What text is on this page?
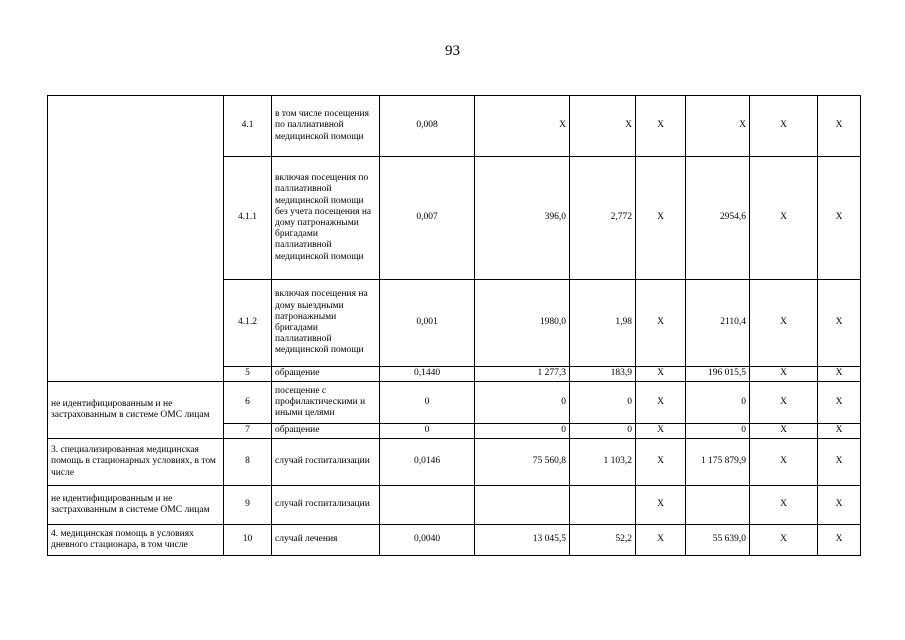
93
	4.1	в том числе посещения по паллиативной медицинской помощи	0,008	X	X	X	X	X	X
	4.1.1	включая посещения по паллиативной медицинской помощи без учета посещения на дому патронажными бригадами паллиативной медицинской помощи	0,007	396,0	2,772	X	2954,6	X	X
	4.1.2	включая посещения на дому выездными патронажными бригадами паллиативной медицинской помощи	0,001	1980,0	1,98	X	2110,4	X	X
	5	обращение	0,1440	1 277,3	183,9	X	196 015,5	X	X
не идентифицированным и не застрахованным в системе ОМС лицам	6	посещение с профилактическими и иными целями	0	0	0	X	0	X	X
	7	обращение	0	0	0	X	0	X	X
3. специализированная медицинская помощь в стационарных условиях, в том числе	8	случай госпитализации	0,0146	75 560,8	1 103,2	X	1 175 879,9	X	X
не идентифицированным и не застрахованным в системе ОМС лицам	9	случай госпитализации				X		X	X
4. медицинская помощь в условиях дневного стационара, в том числе	10	случай лечения	0,0040	13 045,5	52,2	X	55 639,0	X	X
